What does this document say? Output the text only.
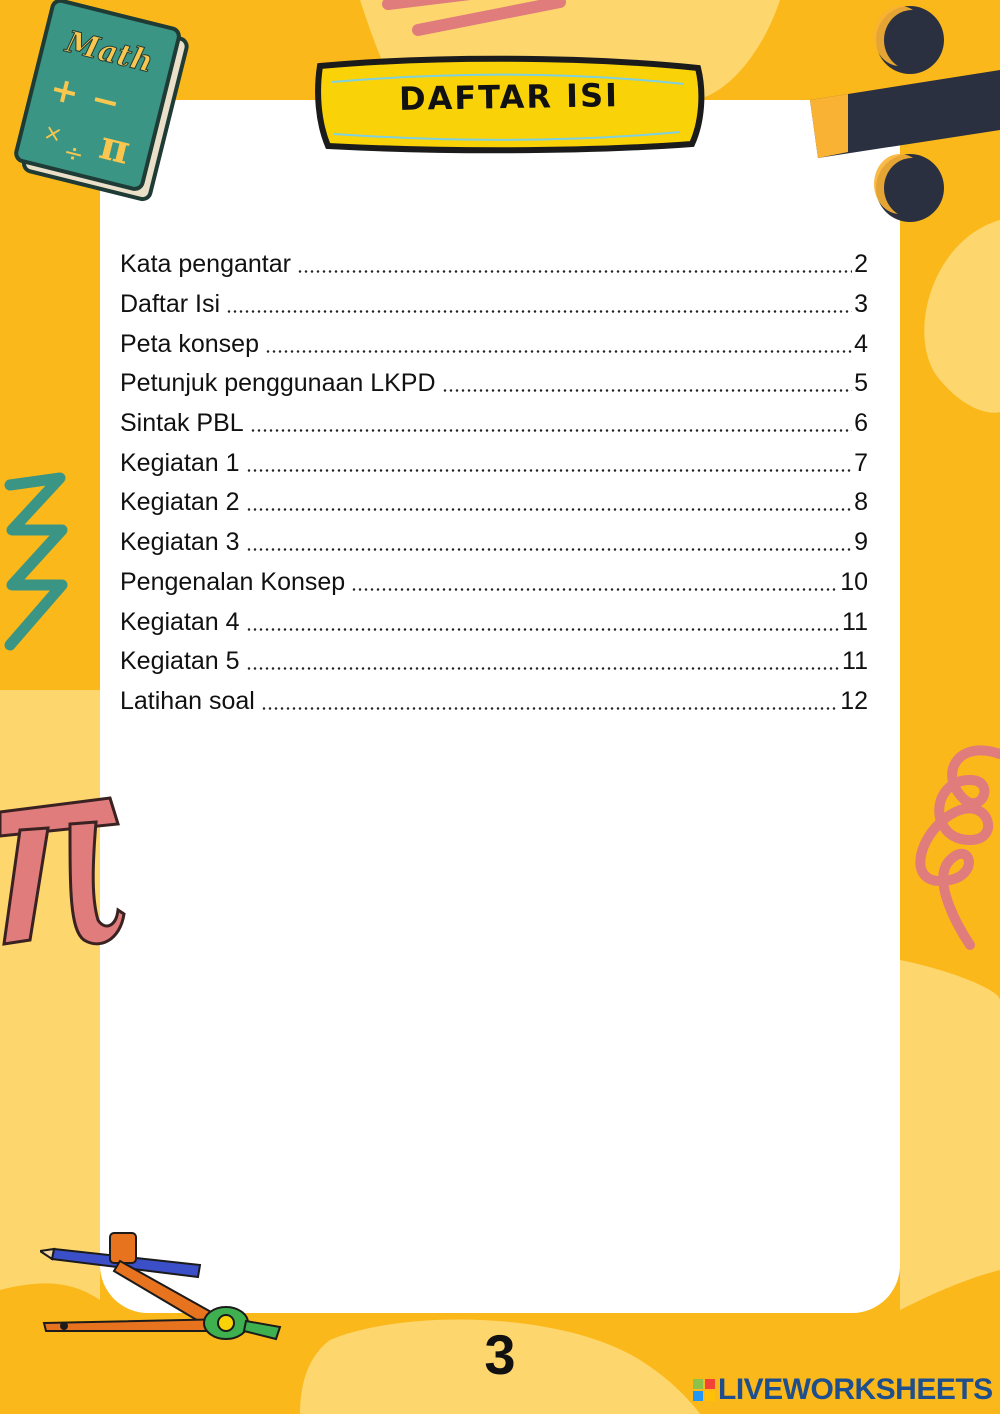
DAFTAR ISI
Kata pengantar	2
Daftar Isi	3
Peta konsep	4
Petunjuk penggunaan LKPD	5
Sintak PBL	6
Kegiatan 1	7
Kegiatan 2	8
Kegiatan 3	9
Pengenalan Konsep	10
Kegiatan 4	11
Kegiatan 5	11
Latihan soal	12
Math
+ −
π
×
÷
3
LIVEWORKSHEETS
